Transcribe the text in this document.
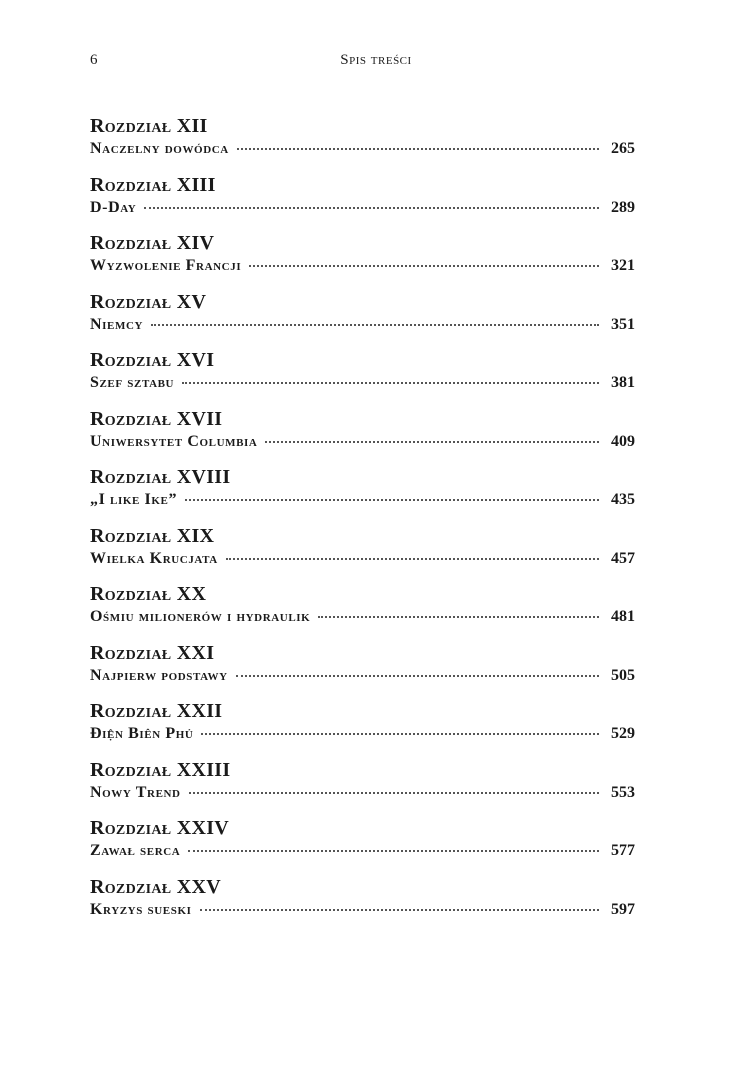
6	Spis treści
Rozdział XII
Naczelny dowódca	265
Rozdział XIII
D-Day	289
Rozdział XIV
Wyzwolenie Francji	321
Rozdział XV
Niemcy	351
Rozdział XVI
Szef sztabu	381
Rozdział XVII
Uniwersytet Columbia	409
Rozdział XVIII
„I like Ike”	435
Rozdział XIX
Wielka Krucjata	457
Rozdział XX
Ośmiu milionerów i hydraulik	481
Rozdział XXI
Najpierw podstawy	505
Rozdział XXII
Điện Biên Phủ	529
Rozdział XXIII
Nowy Trend	553
Rozdział XXIV
Zawał serca	577
Rozdział XXV
Kryzys sueski	597
